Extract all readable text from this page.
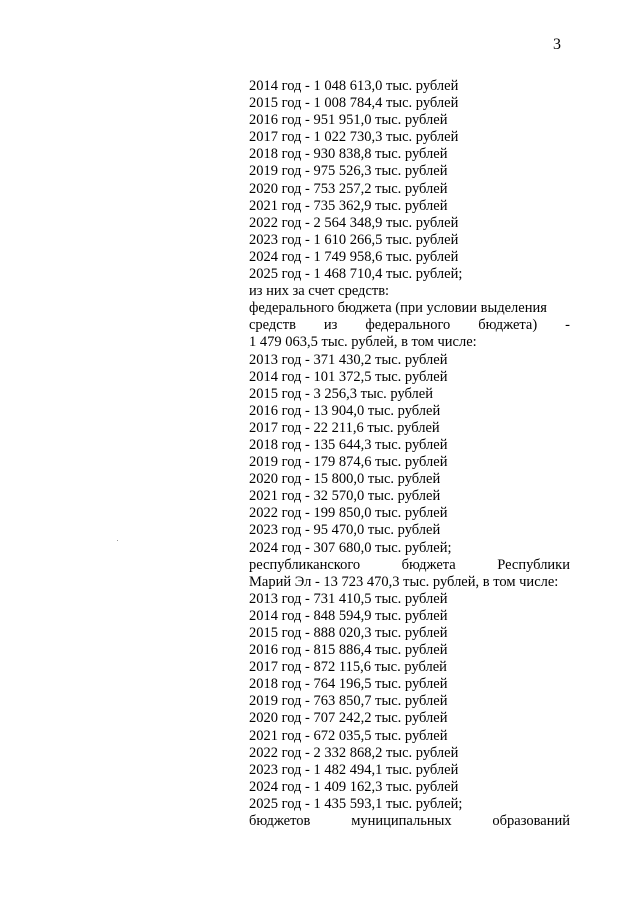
3
2014 год - 1 048 613,0 тыс. рублей
2015 год - 1 008 784,4 тыс. рублей
2016 год - 951 951,0 тыс. рублей
2017 год - 1 022 730,3 тыс. рублей
2018 год - 930 838,8 тыс. рублей
2019 год - 975 526,3 тыс. рублей
2020 год - 753 257,2 тыс. рублей
2021 год - 735 362,9 тыс. рублей
2022 год - 2 564 348,9 тыс. рублей
2023 год - 1 610 266,5 тыс. рублей
2024 год - 1 749 958,6 тыс. рублей
2025 год - 1 468 710,4 тыс. рублей;
из них за счет средств:
федерального бюджета (при условии выделения
средств из федерального бюджета) -
1 479 063,5 тыс. рублей, в том числе:
2013 год - 371 430,2 тыс. рублей
2014 год - 101 372,5 тыс. рублей
2015 год - 3 256,3 тыс. рублей
2016 год - 13 904,0 тыс. рублей
2017 год - 22 211,6 тыс. рублей
2018 год - 135 644,3 тыс. рублей
2019 год - 179 874,6 тыс. рублей
2020 год - 15 800,0 тыс. рублей
2021 год - 32 570,0 тыс. рублей
2022 год - 199 850,0 тыс. рублей
2023 год - 95 470,0 тыс. рублей
2024 год - 307 680,0 тыс. рублей;
республиканского	бюджета	Республики
Марий Эл - 13 723 470,3 тыс. рублей, в том числе:
2013 год - 731 410,5 тыс. рублей
2014 год - 848 594,9 тыс. рублей
2015 год - 888 020,3 тыс. рублей
2016 год - 815 886,4 тыс. рублей
2017 год - 872 115,6 тыс. рублей
2018 год - 764 196,5 тыс. рублей
2019 год - 763 850,7 тыс. рублей
2020 год - 707 242,2 тыс. рублей
2021 год - 672 035,5 тыс. рублей
2022 год - 2 332 868,2 тыс. рублей
2023 год - 1 482 494,1 тыс. рублей
2024 год - 1 409 162,3 тыс. рублей
2025 год - 1 435 593,1 тыс. рублей;
бюджетов	муниципальных	образований
